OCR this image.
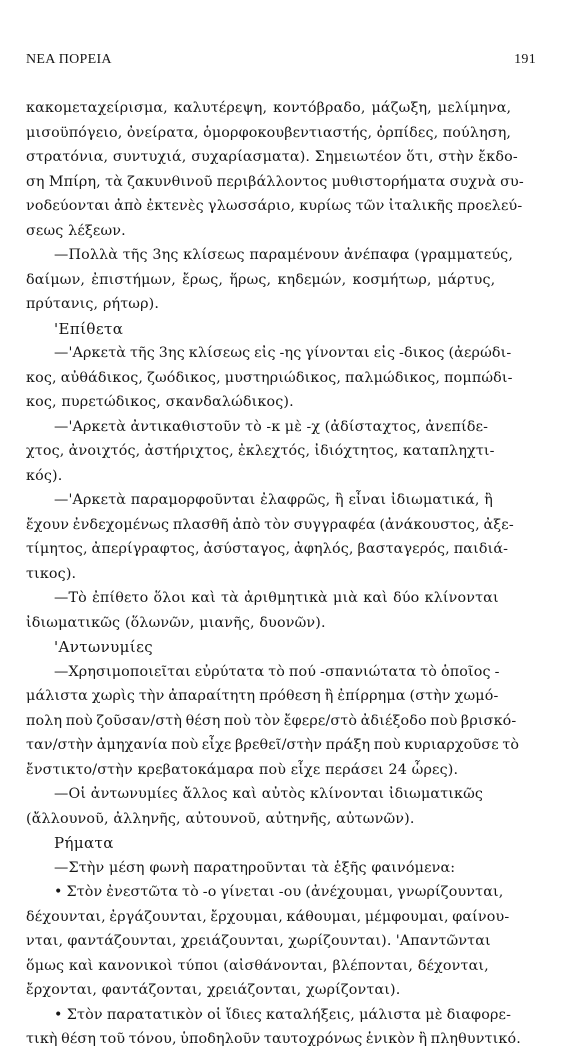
ΝΕΑ ΠΟΡΕΙΑ	191
κακομεταχείρισμα, καλυτέρεψη, κοντόβραδο, μάζωξη, μελίμηνα,
μισοϋπόγειο, ὀνείρατα, ὁμορφοκουβεντιαστής, ὀρπίδες, πούληση,
στρατόνια, συντυχιά, συχαρίασματα). Σημειωτέον ὅτι, στὴν ἔκδο-
ση Μπίρη, τὰ ζακυνθινοῦ περιβάλλοντος μυθιστορήματα συχνὰ συ-
νοδεύονται ἀπὸ ἐκτενὲς γλωσσάριο, κυρίως τῶν ἰταλικῆς προελεύ-
σεως λέξεων.
—Πολλὰ τῆς 3ης κλίσεως παραμένουν ἀνέπαφα (γραμματεύς,
δαίμων, ἐπιστήμων, ἔρως, ἥρως, κηδεμών, κοσμήτωρ, μάρτυς,
πρύτανις, ρήτωρ).
'Επίθετα
—'Αρκετὰ τῆς 3ης κλίσεως εἰς -ης γίνονται εἰς -δικος (ἀερώδι-
κος, αὐθάδικος, ζωόδικος, μυστηριώδικος, παλμώδικος, πομπώδι-
κος, πυρετώδικος, σκανδαλώδικος).
—'Αρκετὰ ἀντικαθιστοῦν τὸ -κ μὲ -χ (ἀδίσταχτος, ἀνεπίδε-
χτος, ἀνοιχτός, ἀστήριχτος, ἐκλεχτός, ἰδιόχτητος, καταπληχτι-
κός).
—'Αρκετὰ παραμορφοῦνται ἐλαφρῶς, ἢ εἶναι ἰδιωματικά, ἢ
ἔχουν ἐνδεχομένως πλασθῆ ἀπὸ τὸν συγγραφέα (ἀνάκουστος, ἀξε-
τίμητος, ἀπερίγραφτος, ἀσύσταγος, ἀφηλός, βασταγερός, παιδιά-
τικος).
—Τὸ ἐπίθετο ὅλοι καὶ τὰ ἀριθμητικὰ μιὰ καὶ δύο κλίνονται
ἰδιωματικῶς (ὅλωνῶν, μιανῆς, δυονῶν).
'Αντωνυμίες
—Χρησιμοποιεῖται εὐρύτατα τὸ πού -σπανιώτατα τὸ ὁποῖος -
μάλιστα χωρὶς τὴν ἀπαραίτητη πρόθεση ἢ ἐπίρρημα (στὴν χωμό-
πολη ποὺ ζοῦσαν/στὴ θέση ποὺ τὸν ἔφερε/στὸ ἀδιέξοδο ποὺ βρισκό-
ταν/στὴν ἀμηχανία ποὺ εἶχε βρεθεῖ/στὴν πράξη ποὺ κυριαρχοῦσε τὸ
ἔνστικτο/στὴν κρεβατοκάμαρα ποὺ εἶχε περάσει 24 ὧρες).
—Οἱ ἀντωνυμίες ἄλλος καὶ αὐτὸς κλίνονται ἰδιωματικῶς
(ἄλλουνοῦ, ἀλληνῆς, αὐτουνοῦ, αὐτηνῆς, αὐτωνῶν).
Ρήματα
—Στὴν μέση φωνὴ παρατηροῦνται τὰ ἑξῆς φαινόμενα:
• Στὸν ἐνεστῶτα τὸ -ο γίνεται -ου (ἀνέχουμαι, γνωρίζουνται,
δέχουνται, ἐργάζουνται, ἔρχουμαι, κάθουμαι, μέμφουμαι, φαίνου-
νται, φαντάζουνται, χρειάζουνται, χωρίζουνται). 'Απαντῶνται
ὅμως καὶ κανονικοὶ τύποι (αἰσθάνονται, βλέπονται, δέχονται,
ἔρχονται, φαντάζονται, χρειάζονται, χωρίζονται).
• Στὸν παρατατικὸν οἱ ἴδιες καταλήξεις, μάλιστα μὲ διαφορε-
τικὴ θέση τοῦ τόνου, ὑποδηλοῦν ταυτοχρόνως ἑνικὸν ἢ πληθυντικό.
